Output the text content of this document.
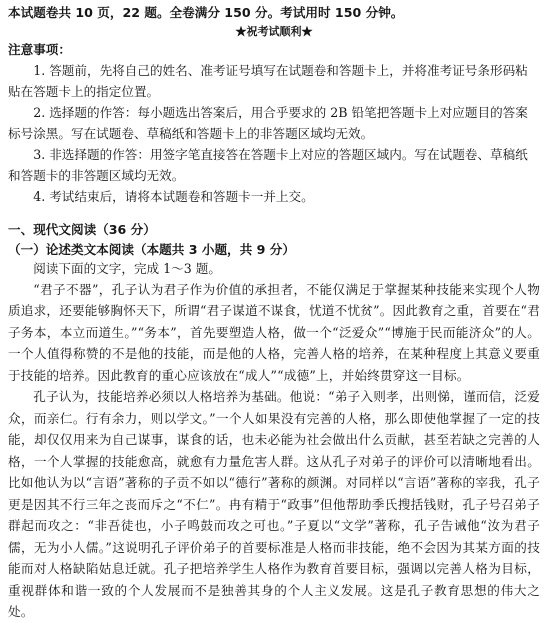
本试题卷共 10 页，22 题。全卷满分 150 分。考试用时 150 分钟。
★祝考试顺利★
注意事项：
1. 答题前，先将自己的姓名、准考证号填写在试题卷和答题卡上，并将准考证号条形码粘贴在答题卡上的指定位置。
2. 选择题的作答：每小题选出答案后，用合乎要求的 2B 铅笔把答题卡上对应题目的答案标号涂黑。写在试题卷、草稿纸和答题卡上的非答题区域均无效。
3. 非选择题的作答：用签字笔直接答在答题卡上对应的答题区域内。写在试题卷、草稿纸和答题卡的非答题区域均无效。
4. 考试结束后，请将本试题卷和答题卡一并上交。
一、现代文阅读（36 分）
（一）论述类文本阅读（本题共 3 小题，共 9 分）
阅读下面的文字，完成 1～3 题。
“君子不器”，孔子认为君子作为价值的承担者，不能仅满足于掌握某种技能来实现个人物质追求，还要能够胸怀天下，所谓“君子谋道不谋食，忧道不忧贫”。因此教育之重，首要在“君子务本，本立而道生。”“务本”，首先要塑造人格，做一个“泛爱众”“博施于民而能济众”的人。一个人值得称赞的不是他的技能，而是他的人格，完善人格的培养，在某种程度上其意义要重于技能的培养。因此教育的重心应该放在“成人”“成德”上，并始终贯穿这一目标。
孔子认为，技能培养必须以人格培养为基础。他说：“弟子入则孝，出则悌，谨而信，泛爱众，而亲仁。行有余力，则以学文。”一个人如果没有完善的人格，那么即使他掌握了一定的技能，却仅仅用来为自己谋事，谋食的话，也未必能为社会做出什么贡献，甚至若缺之完善的人格，一个人掌握的技能愈高，就愈有力量危害人群。这从孔子对弟子的评价可以清晰地看出。比如他认为以“言语”著称的子贡不如以“德行”著称的颜渊。对同样以“言语”著称的宰我，孔子更是因其不行三年之丧而斥之“不仁”。冉有精于“政事”但他帮助季氏搜括钱财，孔子号召弟子群起而攻之：“非吾徒也，小子鸣鼓而攻之可也。”子夏以“文学”著称，孔子告诫他“汝为君子儒，无为小人儒。”这说明孔子评价弟子的首要标准是人格而非技能，绝不会因为其某方面的技能而对人格缺陷姑息迁就。孔子把培养学生人格作为教育首要目标，强调以完善人格为目标，重视群体和谐一致的个人发展而不是独善其身的个人主义发展。这是孔子教育思想的伟大之处。
